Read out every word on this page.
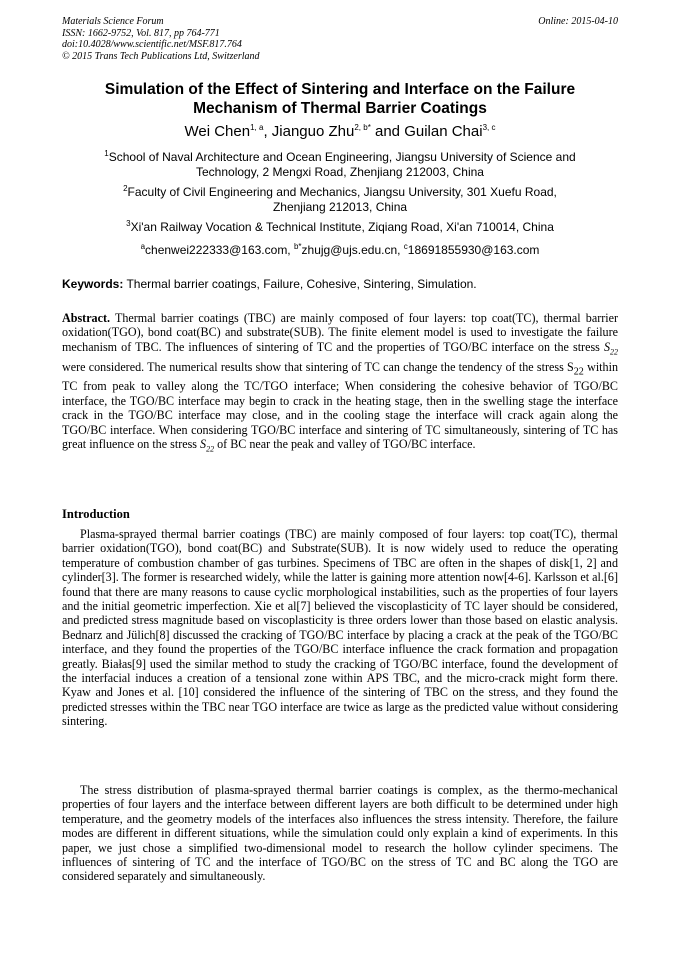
Materials Science Forum
ISSN: 1662-9752, Vol. 817, pp 764-771
doi:10.4028/www.scientific.net/MSF.817.764
© 2015 Trans Tech Publications Ltd, Switzerland
Online: 2015-04-10
Simulation of the Effect of Sintering and Interface on the Failure
Mechanism of Thermal Barrier Coatings
Wei Chen$^{1, a}$, Jianguo Zhu$^{2, b*}$ and Guilan Chai$^{3, c}$
$^1$School of Naval Architecture and Ocean Engineering, Jiangsu University of Science and
Technology, 2 Mengxi Road, Zhenjiang 212003, China
$^2$Faculty of Civil Engineering and Mechanics, Jiangsu University, 301 Xuefu Road,
Zhenjiang 212013, China
$^3$Xi'an Railway Vocation & Technical Institute, Ziqiang Road, Xi'an 710014, China
$^a$chenwei222333@163.com, $^{b*}$zhujg@ujs.edu.cn, $^c$18691855930@163.com
Keywords: Thermal barrier coatings, Failure, Cohesive, Sintering, Simulation.
Abstract. Thermal barrier coatings (TBC) are mainly composed of four layers: top coat(TC), thermal barrier oxidation(TGO), bond coat(BC) and substrate(SUB). The finite element model is used to investigate the failure mechanism of TBC. The influences of sintering of TC and the properties of TGO/BC interface on the stress $S_{22}$ were considered. The numerical results show that sintering of TC can change the tendency of the stress $S_{22}$ within TC from peak to valley along the TC/TGO interface; When considering the cohesive behavior of TGO/BC interface, the TGO/BC interface may begin to crack in the heating stage, then in the swelling stage the interface crack in the TGO/BC interface may close, and in the cooling stage the interface will crack again along the TGO/BC interface. When considering TGO/BC interface and sintering of TC simultaneously, sintering of TC has great influence on the stress $S_{22}$ of BC near the peak and valley of TGO/BC interface.
Introduction

Plasma-sprayed thermal barrier coatings (TBC) are mainly composed of four layers: top coat(TC), thermal barrier oxidation(TGO), bond coat(BC) and Substrate(SUB). It is now widely used to reduce the operating temperature of combustion chamber of gas turbines. Specimens of TBC are often in the shapes of disk[1, 2] and cylinder[3]. The former is researched widely, while the latter is gaining more attention now[4-6]. Karlsson et al.[6] found that there are many reasons to cause cyclic morphological instabilities, such as the properties of four layers and the initial geometric imperfection. Xie et al[7] believed the viscoplasticity of TC layer should be considered, and predicted stress magnitude based on viscoplasticity is three orders lower than those based on elastic analysis. Bednarz and Jülich[8] discussed the cracking of TGO/BC interface by placing a crack at the peak of the TGO/BC interface, and they found the properties of the TGO/BC interface influence the crack formation and propagation greatly. Białas[9] used the similar method to study the cracking of TGO/BC interface, found the development of the interfacial induces a creation of a tensional zone within APS TBC, and the micro-crack might form there. Kyaw and Jones et al. [10] considered the influence of the sintering of TBC on the stress, and they found the predicted stresses within the TBC near TGO interface are twice as large as the predicted value without considering sintering.

The stress distribution of plasma-sprayed thermal barrier coatings is complex, as the thermo-mechanical properties of four layers and the interface between different layers are both difficult to be determined under high temperature, and the geometry models of the interfaces also influences the stress intensity. Therefore, the failure modes are different in different situations, while the simulation could only explain a kind of experiments. In this paper, we just chose a simplified two-dimensional model to research the hollow cylinder specimens. The influences of sintering of TC and the interface of TGO/BC on the stress of TC and BC along the TGO are considered separately and simultaneously.
